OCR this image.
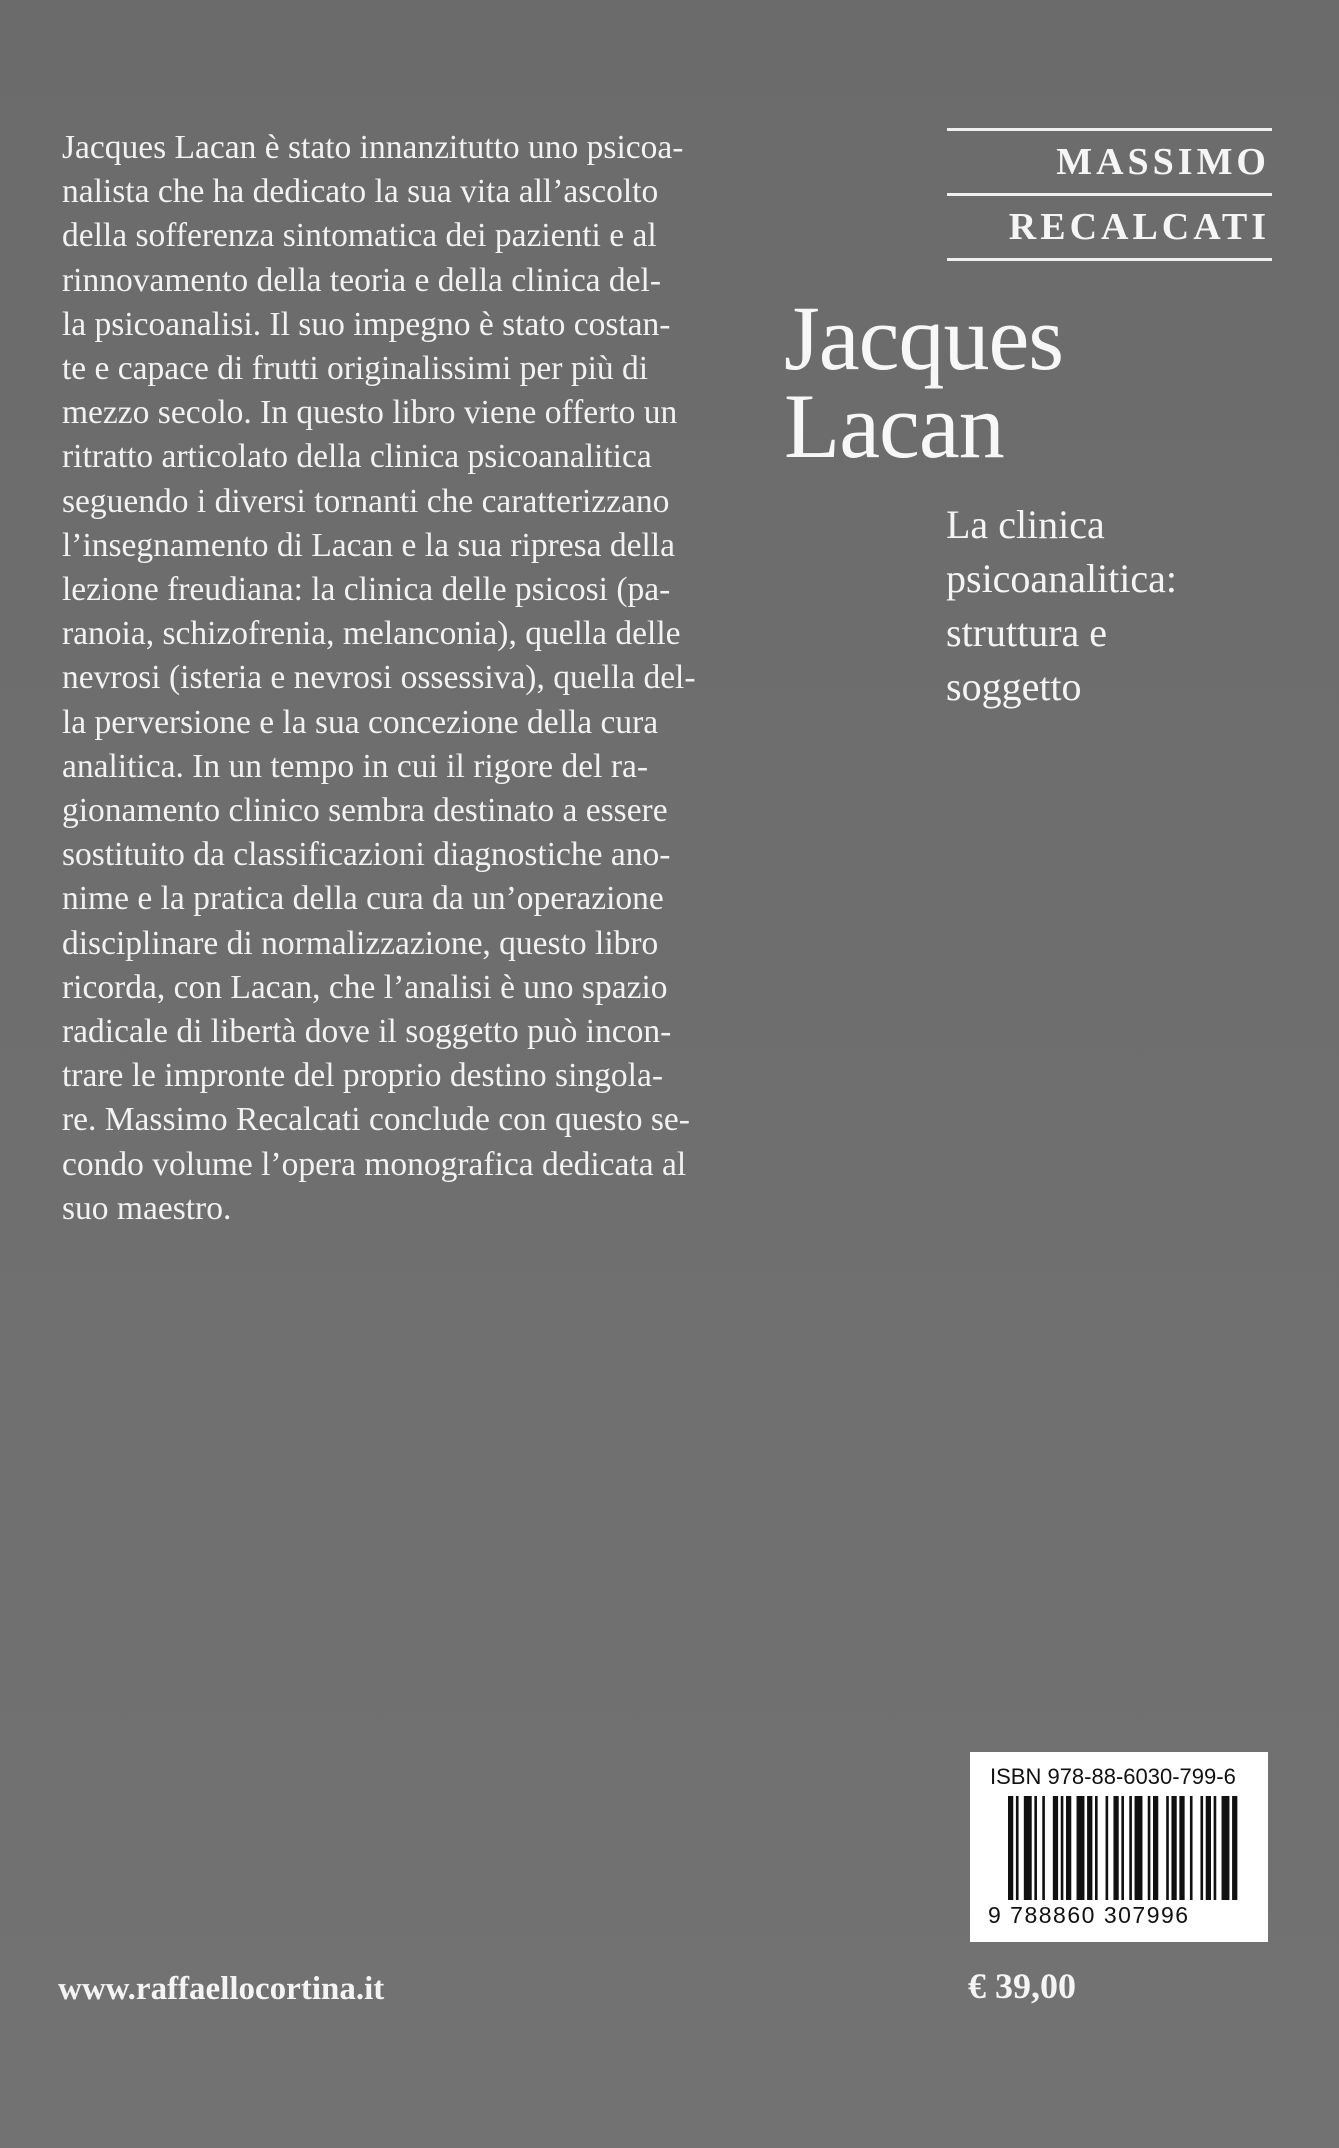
Jacques Lacan è stato innanzitutto uno psicoa-
nalista che ha dedicato la sua vita all’ascolto
della sofferenza sintomatica dei pazienti e al
rinnovamento della teoria e della clinica del-
la psicoanalisi. Il suo impegno è stato costan-
te e capace di frutti originalissimi per più di
mezzo secolo. In questo libro viene offerto un
ritratto articolato della clinica psicoanalitica
seguendo i diversi tornanti che caratterizzano
l’insegnamento di Lacan e la sua ripresa della
lezione freudiana: la clinica delle psicosi (pa-
ranoia, schizofrenia, melanconia), quella delle
nevrosi (isteria e nevrosi ossessiva), quella del-
la perversione e la sua concezione della cura
analitica. In un tempo in cui il rigore del ra-
gionamento clinico sembra destinato a essere
sostituito da classificazioni diagnostiche ano-
nime e la pratica della cura da un’operazione
disciplinare di normalizzazione, questo libro
ricorda, con Lacan, che l’analisi è uno spazio
radicale di libertà dove il soggetto può incon-
trare le impronte del proprio destino singola-
re. Massimo Recalcati conclude con questo se-
condo volume l’opera monografica dedicata al
suo maestro.

MASSIMO
RECALCATI
Jacques
Lacan
La clinica
psicoanalitica:
struttura e
soggetto
ISBN 978-88-6030-799-6
9 788860 307996
www.raffaellocortina.it	€ 39,00
